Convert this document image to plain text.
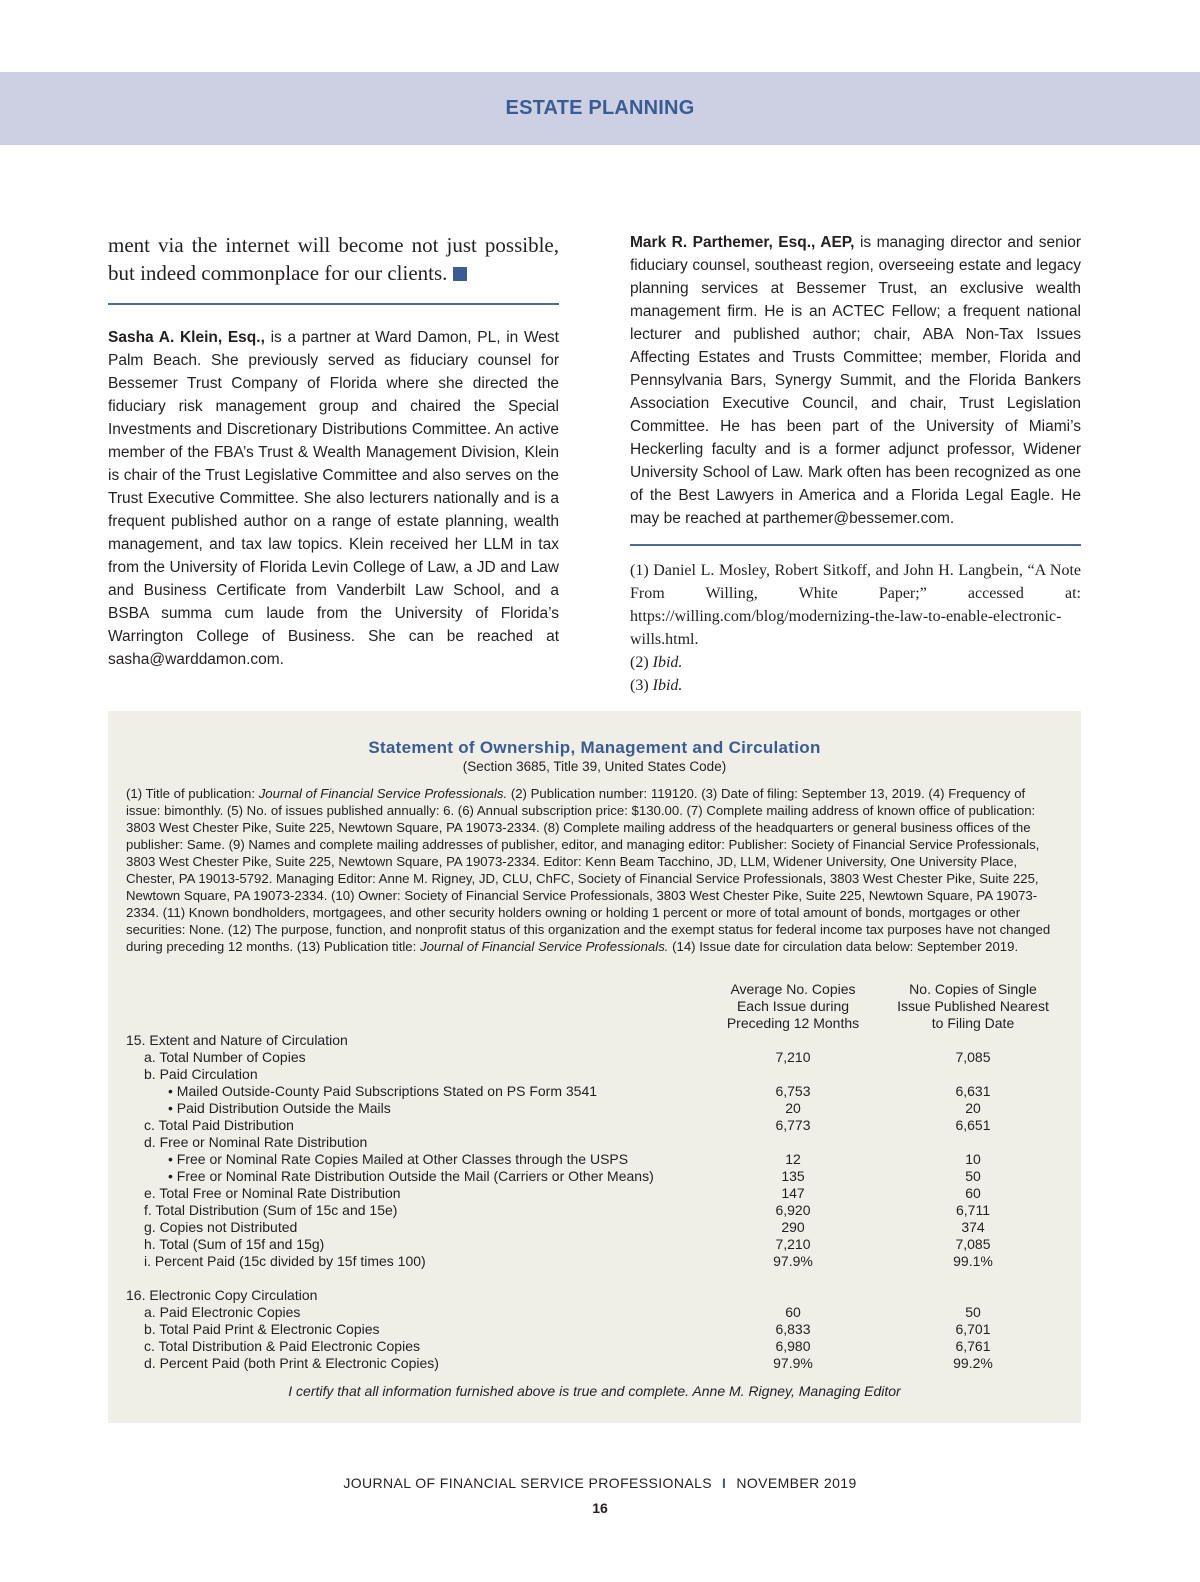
ESTATE PLANNING

ment via the internet will become not just possible, but indeed commonplace for our clients.

Sasha A. Klein, Esq., is a partner at Ward Damon, PL, in West Palm Beach. She previously served as fiduciary counsel for Bessemer Trust Company of Florida where she directed the fiduciary risk management group and chaired the Special Investments and Discretionary Distributions Committee. An active member of the FBA’s Trust & Wealth Management Division, Klein is chair of the Trust Legislative Committee and also serves on the Trust Executive Committee. She also lecturers nationally and is a frequent published author on a range of estate planning, wealth management, and tax law topics. Klein received her LLM in tax from the University of Florida Levin College of Law, a JD and Law and Business Certificate from Vanderbilt Law School, and a BSBA summa cum laude from the University of Florida’s Warrington College of Business. She can be reached at sasha@warddamon.com.

Mark R. Parthemer, Esq., AEP, is managing director and senior fiduciary counsel, southeast region, overseeing estate and legacy planning services at Bessemer Trust, an exclusive wealth management firm. He is an ACTEC Fellow; a frequent national lecturer and published author; chair, ABA Non-Tax Issues Affecting Estates and Trusts Committee; member, Florida and Pennsylvania Bars, Synergy Summit, and the Florida Bankers Association Executive Council, and chair, Trust Legislation Committee. He has been part of the University of Miami’s Heckerling faculty and is a former adjunct professor, Widener University School of Law. Mark often has been recognized as one of the Best Lawyers in America and a Florida Legal Eagle. He may be reached at parthemer@bessemer.com.

(1) Daniel L. Mosley, Robert Sitkoff, and John H. Langbein, “A Note From Willing, White Paper;” accessed at: https://willing.com/blog/modernizing-the-law-to-enable-electronic-wills.html.

(2) Ibid.

(3) Ibid.

Statement of Ownership, Management and Circulation
(Section 3685, Title 39, United States Code)

(1) Title of publication: Journal of Financial Service Professionals. (2) Publication number: 119120. (3) Date of filing: September 13, 2019. (4) Frequency of issue: bimonthly. (5) No. of issues published annually: 6. (6) Annual subscription price: $130.00. (7) Complete mailing address of known office of publication: 3803 West Chester Pike, Suite 225, Newtown Square, PA 19073-2334. (8) Complete mailing address of the headquarters or general business offices of the publisher: Same. (9) Names and complete mailing addresses of publisher, editor, and managing editor: Publisher: Society of Financial Service Professionals, 3803 West Chester Pike, Suite 225, Newtown Square, PA 19073-2334. Editor: Kenn Beam Tacchino, JD, LLM, Widener University, One University Place, Chester, PA 19013-5792. Managing Editor: Anne M. Rigney, JD, CLU, ChFC, Society of Financial Service Professionals, 3803 West Chester Pike, Suite 225, Newtown Square, PA 19073-2334. (10) Owner: Society of Financial Service Professionals, 3803 West Chester Pike, Suite 225, Newtown Square, PA 19073-2334. (11) Known bondholders, mortgagees, and other security holders owning or holding 1 percent or more of total amount of bonds, mortgages or other securities: None. (12) The purpose, function, and nonprofit status of this organization and the exempt status for federal income tax purposes have not changed during preceding 12 months. (13) Publication title: Journal of Financial Service Professionals. (14) Issue date for circulation data below: September 2019.

Average No. Copies Each Issue during Preceding 12 Months
No. Copies of Single Issue Published Nearest to Filing Date
15. Extent and Nature of Circulation
a. Total Number of Copies	7,210	7,085
b. Paid Circulation
• Mailed Outside-County Paid Subscriptions Stated on PS Form 3541	6,753	6,631
• Paid Distribution Outside the Mails	20	20
c. Total Paid Distribution	6,773	6,651
d. Free or Nominal Rate Distribution
• Free or Nominal Rate Copies Mailed at Other Classes through the USPS	12	10
• Free or Nominal Rate Distribution Outside the Mail (Carriers or Other Means)	135	50
e. Total Free or Nominal Rate Distribution	147	60
f. Total Distribution (Sum of 15c and 15e)	6,920	6,711
g. Copies not Distributed	290	374
h. Total (Sum of 15f and 15g)	7,210	7,085
i. Percent Paid (15c divided by 15f times 100)	97.9%	99.1%
16. Electronic Copy Circulation
a. Paid Electronic Copies	60	50
b. Total Paid Print & Electronic Copies	6,833	6,701
c. Total Distribution & Paid Electronic Copies	6,980	6,761
d. Percent Paid (both Print & Electronic Copies)	97.9%	99.2%
I certify that all information furnished above is true and complete. Anne M. Rigney, Managing Editor
JOURNAL OF FINANCIAL SERVICE PROFESSIONALS I NOVEMBER 2019
16
